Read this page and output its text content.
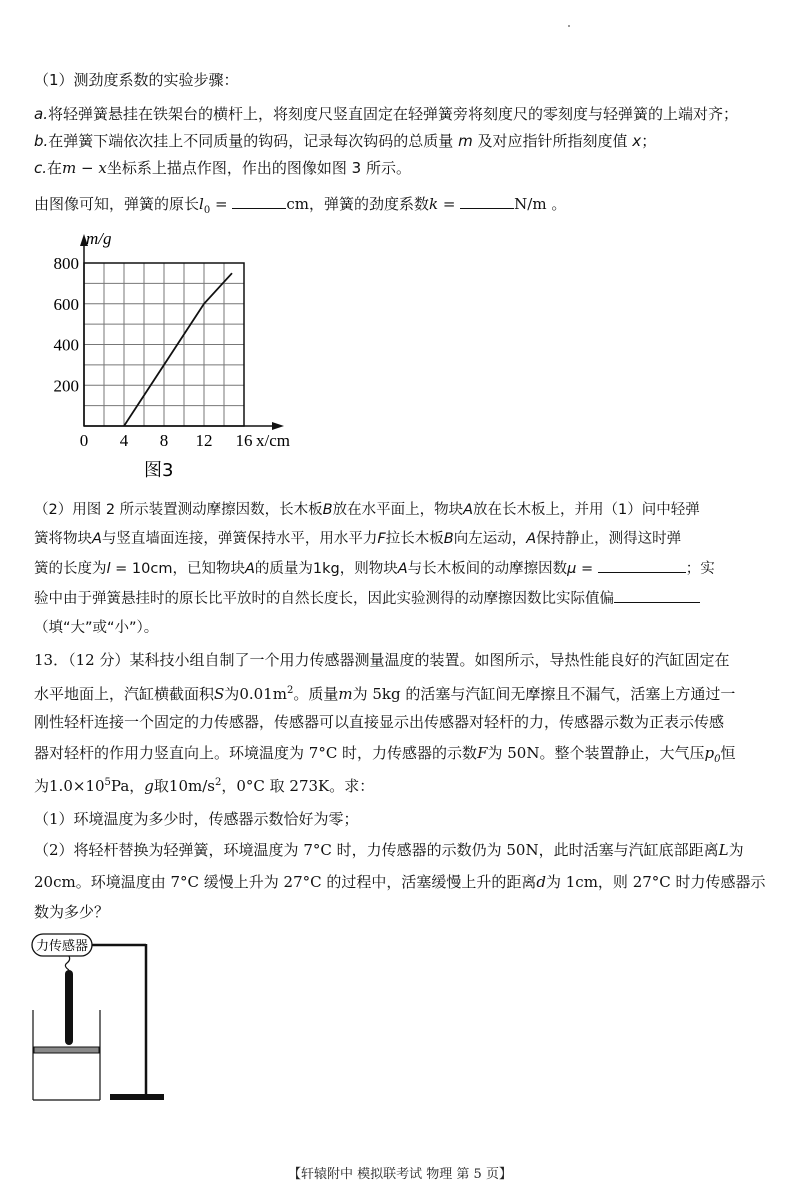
（1）测劲度系数的实验步骤：
a.将轻弹簧悬挂在铁架台的横杆上，将刻度尺竖直固定在轻弹簧旁将刻度尺的零刻度与轻弹簧的上端对齐；
b.在弹簧下端依次挂上不同质量的钩码，记录每次钩码的总质量 m 及对应指针所指刻度值 x；
c.在m − x坐标系上描点作图，作出的图像如图 3 所示。
由图像可知，弹簧的原长$l_0$ =	cm，弹簧的劲度系数k =	N/m 。
0 4 8 12 16
200
400
600
800
m/g
x/cm
图3
（2）用图 2 所示装置测动摩擦因数，长木板B放在水平面上，物块A放在长木板上，并用（1）问中轻弹
簧将物块A与竖直墙面连接，弹簧保持水平，用水平力F拉长木板B向左运动，A保持静止，测得这时弹
簧的长度为l = 10cm，已知物块A的质量为1kg，则物块A与长木板间的动摩擦因数μ =	；实
验中由于弹簧悬挂时的原长比平放时的自然长度长，因此实验测得的动摩擦因数比实际值偏
（填“大”或“小”）。
13．（12 分）某科技小组自制了一个用力传感器测量温度的装置。如图所示，导热性能良好的汽缸固定在
水平地面上，汽缸横截面积S为$0.01m^2$。质量m为 5kg 的活塞与汽缸间无摩擦且不漏气，活塞上方通过一
刚性轻杆连接一个固定的力传感器，传感器可以直接显示出传感器对轻杆的力，传感器示数为正表示传感
器对轻杆的作用力竖直向上。环境温度为 7°C 时，力传感器的示数F为 50N。整个装置静止，大气压$p_0$恒
为$1.0\times 10^5Pa$，g取$10m/s^2$，0°C 取 273K。求：
（1）环境温度为多少时，传感器示数恰好为零；
（2）将轻杆替换为轻弹簧，环境温度为 7°C 时，力传感器的示数仍为 50N，此时活塞与汽缸底部距离L为
20cm。环境温度由 7°C 缓慢上升为 27°C 的过程中，活塞缓慢上升的距离d为 1cm，则 27°C 时力传感器示
数为多少？
力传感器
【轩辕附中 模拟联考试 物理 第 5 页】
